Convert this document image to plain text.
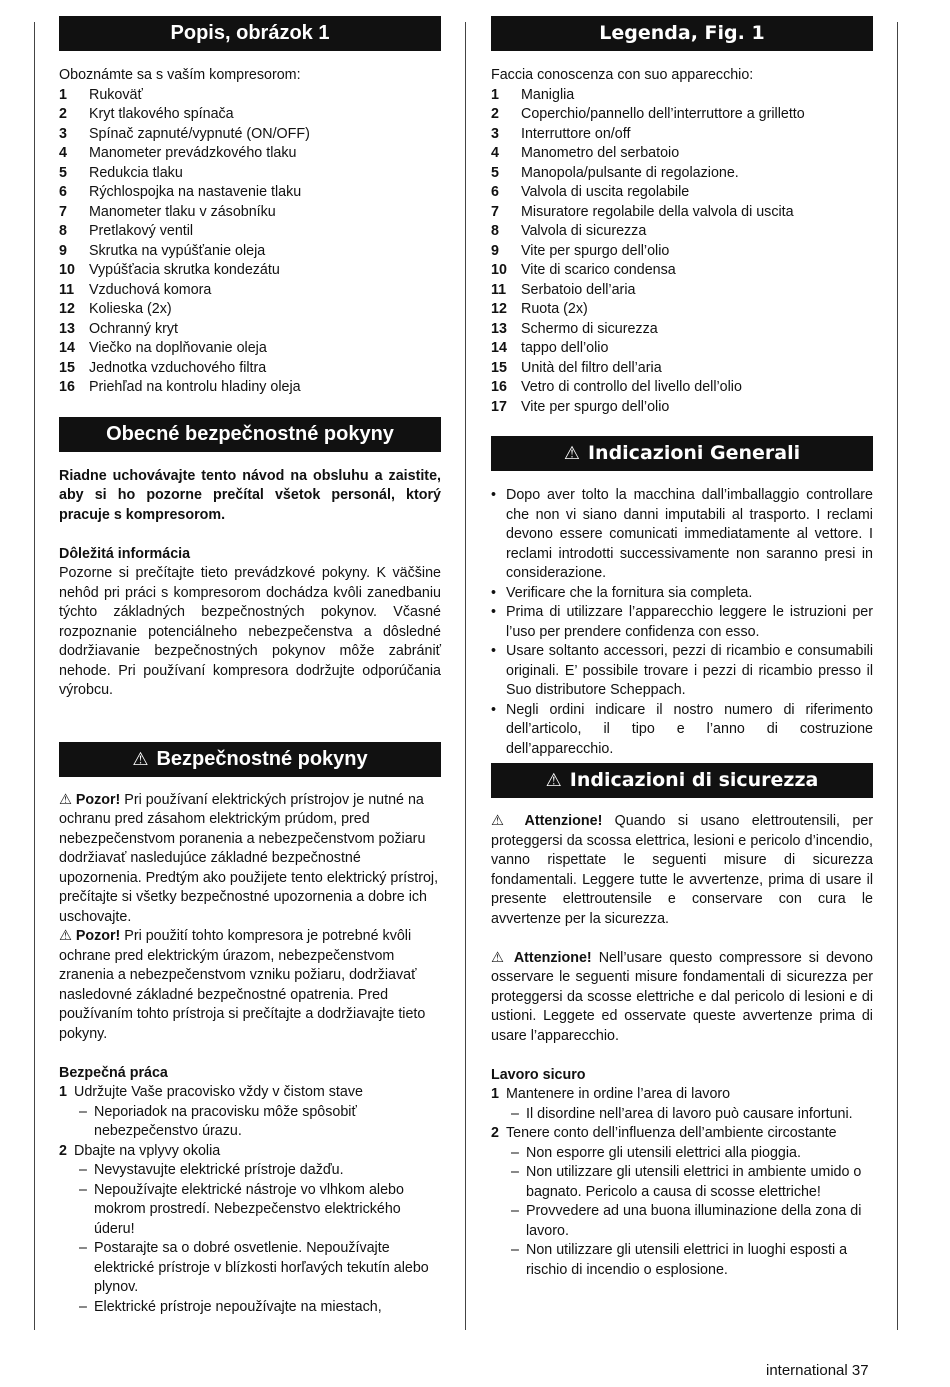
Popis, obrázok 1

Oboznámte sa s vaším kompresorom:

1	Rukoväť
2	Kryt tlakového spínača
3	Spínač zapnuté/vypnuté (ON/OFF)
4	Manometer prevádzkového tlaku
5	Redukcia tlaku
6	Rýchlospojka na nastavenie tlaku
7	Manometer tlaku v zásobníku
8	Pretlakový ventil
9	Skrutka na vypúšťanie oleja
10 Vypúšťacia skrutka kondezátu
11	Vzduchová komora
12 Kolieska (2x)
13 Ochranný kryt
14 Viečko na doplňovanie oleja
15 Jednotka vzduchového filtra
16 Priehľad na kontrolu hladiny oleja
Obecné bezpečnostné pokyny

Riadne uchovávajte tento návod na obsluhu a zaistite, aby si ho pozorne prečítal všetok personál, ktorý pracuje s kompresorom.

Dôležitá informácia

Pozorne si prečítajte tieto prevádzkové pokyny. K väčšine nehôd pri práci s kompresorom dochádza kvôli zanedbaniu týchto základných bezpečnostných pokynov. Včasné rozpoznanie potenciálneho nebezpečenstva a dôsledné dodržiavanie bezpečnostných pokynov môže zabrániť nehode. Pri používaní kompresora dodržujte odporúčania výrobcu.

⚠ Bezpečnostné pokyny

⚠ Pozor! Pri používaní elektrických prístrojov je nutné na ochranu pred zásahom elektrickým prúdom, pred nebezpečenstvom poranenia a nebezpečenstvom požiaru dodržiavať nasledujúce základné bezpečnostné upozornenia. Predtým ako použijete tento elektrický prístroj, prečítajte si všetky bezpečnostné upozornenia a dobre ich uschovajte.

⚠ Pozor! Pri použití tohto kompresora je potrebné kvôli ochrane pred elektrickým úrazom, nebezpečenstvom zranenia a nebezpečenstvom vzniku požiaru, dodržiavať nasledovné základné bezpečnostné opatrenia. Pred používaním tohto prístroja si prečítajte a dodržiavajte tieto pokyny.

Bezpečná práca

1 Udržujte Vaše pracovisko vždy v čistom stave
– Neporiadok na pracovisku môže spôsobiť nebezpečenstvo úrazu.
2 Dbajte na vplyvy okolia
– Nevystavujte elektrické prístroje dažďu.
– Nepoužívajte elektrické nástroje vo vlhkom alebo mokrom prostredí. Nebezpečenstvo elektrického úderu!
– Postarajte sa o dobré osvetlenie. Nepoužívajte elektrické prístroje v blízkosti horľavých tekutín alebo plynov.
– Elektrické prístroje nepoužívajte na miestach,
Legenda, Fig. 1

Faccia conoscenza con suo apparecchio:

1	Maniglia
2	Coperchio/pannello dell’interruttore a grilletto
3	Interruttore on/off
4	Manometro del serbatoio
5	Manopola/pulsante di regolazione.
6	Valvola di uscita regolabile
7	Misuratore regolabile della valvola di uscita
8	Valvola di sicurezza
9	Vite per spurgo dell’olio
10 Vite di scarico condensa
11	Serbatoio dell’aria
12 Ruota (2x)
13 Schermo di sicurezza
14 tappo dell’olio
15 Unità del filtro dell’aria
16 Vetro di controllo del livello dell’olio
17 Vite per spurgo dell’olio
⚠ Indicazioni Generali
• Dopo aver tolto la macchina dall’imballaggio controllare che non vi siano danni imputabili al trasporto. I reclami devono essere comunicati immediatamente al vettore. I reclami introdotti successivamente non saranno presi in considerazione.
• Verificare che la fornitura sia completa.
• Prima di utilizzare l’apparecchio leggere le istruzioni per l’uso per prendere confidenza con esso.
• Usare soltanto accessori, pezzi di ricambio e consumabili originali. E’ possibile trovare i pezzi di ricambio presso il Suo distributore Scheppach.
• Negli ordini indicare il nostro numero di riferimento dell’articolo, il tipo e l’anno di costruzione dell’apparecchio.
⚠ Indicazioni di sicurezza

⚠ Attenzione! Quando si usano elettroutensili, per proteggersi da scossa elettrica, lesioni e pericolo d’incendio, vanno rispettate le seguenti misure di sicurezza fondamentali. Leggere tutte le avvertenze, prima di usare il presente elettroutensile e conservare con cura le avvertenze per la sicurezza.

⚠ Attenzione! Nell’usare questo compressore si devono osservare le seguenti misure fondamentali di sicurezza per proteggersi da scosse elettriche e dal pericolo di lesioni e di ustioni. Leggete ed osservate queste avvertenze prima di usare l’apparecchio.

Lavoro sicuro

1 Mantenere in ordine l’area di lavoro
– Il disordine nell’area di lavoro può causare infortuni.
2 Tenere conto dell’influenza dell’ambiente circostante
– Non esporre gli utensili elettrici alla pioggia.
– Non utilizzare gli utensili elettrici in ambiente umido o bagnato. Pericolo a causa di scosse elettriche!
– Provvedere ad una buona illuminazione della zona di lavoro.
– Non utilizzare gli utensili elettrici in luoghi esposti a rischio di incendio o esplosione.
international 37
